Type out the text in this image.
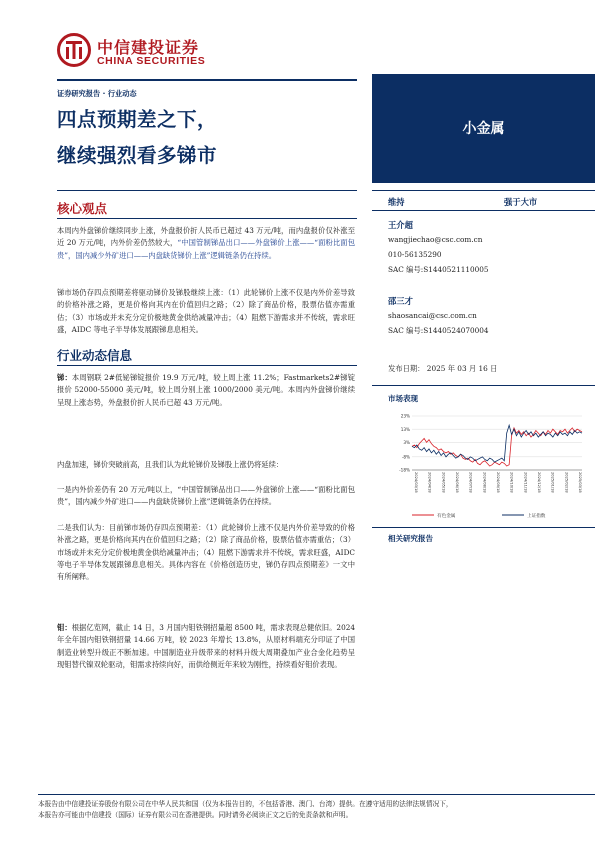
中信建投证券
CHINA SECURITIES
证券研究报告 · 行业动态
四点预期差之下，
继续强烈看多锑市
核心观点
本周内外盘锑价继续同步上涨，外盘报价折人民币已超过 43 万元/吨，而内盘报价仅补涨至近 20 万元/吨，内外价差仍然较大，“中国管制锑品出口——外盘锑价上涨——“面粉比面包贵”，国内减少外矿进口——内盘缺货锑价上涨”逻辑链条仍在持续。
锑市场仍存四点预期差将驱动锑价及锑股继续上涨：（1）此轮锑价上涨不仅是内外价差导致的价格补涨之路，更是价格向其内在价值回归之路；（2）除了商品价格，股票估值亦需重估；（3）市场或并未充分定价极地黄金供给减量冲击；（4）阻燃下游需求并不传统，需求旺盛，AIDC 等电子半导体发展跟锑息息相关。
行业动态信息
锑：本周钢联 2#低铋锑锭报价 19.9 万元/吨，较上周上涨 11.2%；Fastmarkets2#锑锭报价 52000-55000 美元/吨，较上周分别上涨 1000/2000 美元/吨。本周内外盘锑价继续呈现上涨态势，外盘报价折人民币已超 43 万元/吨。
内盘加速，锑价突破前高，且我们认为此轮锑价及锑股上涨仍将延续：
一是内外价差仍有 20 万元/吨以上，“中国管制锑品出口——外盘锑价上涨——“面粉比面包贵”，国内减少外矿进口——内盘缺货锑价上涨”逻辑链条仍在持续。
二是我们认为：目前锑市场仍存四点预期差：（1）此轮锑价上涨不仅是内外价差导致的价格补涨之路，更是价格向其内在价值回归之路；（2）除了商品价格，股票估值亦需重估；（3）市场或并未充分定价极地黄金供给减量冲击；（4）阻燃下游需求并不传统，需求旺盛，AIDC 等电子半导体发展跟锑息息相关。具体内容在《价格创造历史，锑仍存四点预期差》一文中有所阐释。
钼：根据亿览网，截止 14 日，3 月国内钼铁钢招量超 8500 吨，需求表现总健依旧。2024 年全年国内钼铁钢招量 14.66 万吨，较 2023 年增长 13.8%，从原材料端充分印证了中国制造业转型升级正不断加速。中国制造业升级带来的材料升级大周期叠加产业合金化趋势呈现钼替代镍双轮驱动，钼需求持续向好，而供给侧近年来较为刚性，持续看好钼价表现。
小金属
维持	强于大市
王介超
wangjiechao@csc.com.cn
010-56135290
SAC 编号:S1440521110005
邵三才
shaosancai@csc.com.cn
SAC 编号:S1440524070004
发布日期： 2025 年 03 月 16 日
市场表现
23%
13%
3%
-8%
-18%
2024/03/18	2024/04/18	2024/05/18	2024/06/18	2024/07/18	2024/08/18	2024/09/18	2024/10/18	2024/11/18	2024/12/18	2025/01/18	2025/02/18	2025/03/18
有色金属	上证指数
相关研究报告
本报告由中信建投证券股份有限公司在中华人民共和国（仅为本报告目的，不包括香港、澳门、台湾）提供。在遵守适用的法律法规情况下，
本报告亦可能由中信建投（国际）证券有限公司在香港提供。同时请务必阅读正文之后的免责条款和声明。
